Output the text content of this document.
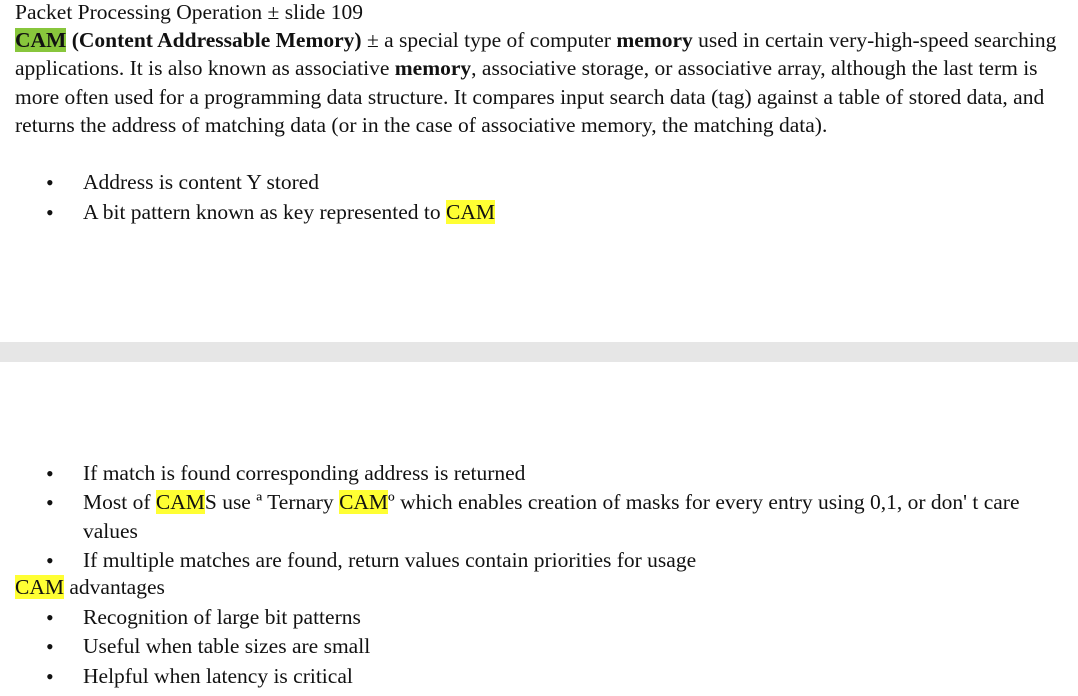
Packet Processing Operation ± slide 109

CAM (Content Addressable Memory) ± a special type of computer memory used in certain very-high-speed searching applications. It is also known as associative memory, associative storage, or associative array, although the last term is more often used for a programming data structure. It compares input search data (tag) against a table of stored data, and returns the address of matching data (or in the case of associative memory, the matching data).

• Address is content Y stored
• A bit pattern known as key represented to CAM
• If match is found corresponding address is returned
• Most of CAMS use ª Ternary CAMº which enables creation of masks for every entry using 0,1, or don' t care values
• If multiple matches are found, return values contain priorities for usage
CAM advantages
• Recognition of large bit patterns
• Useful when table sizes are small
• Helpful when latency is critical
